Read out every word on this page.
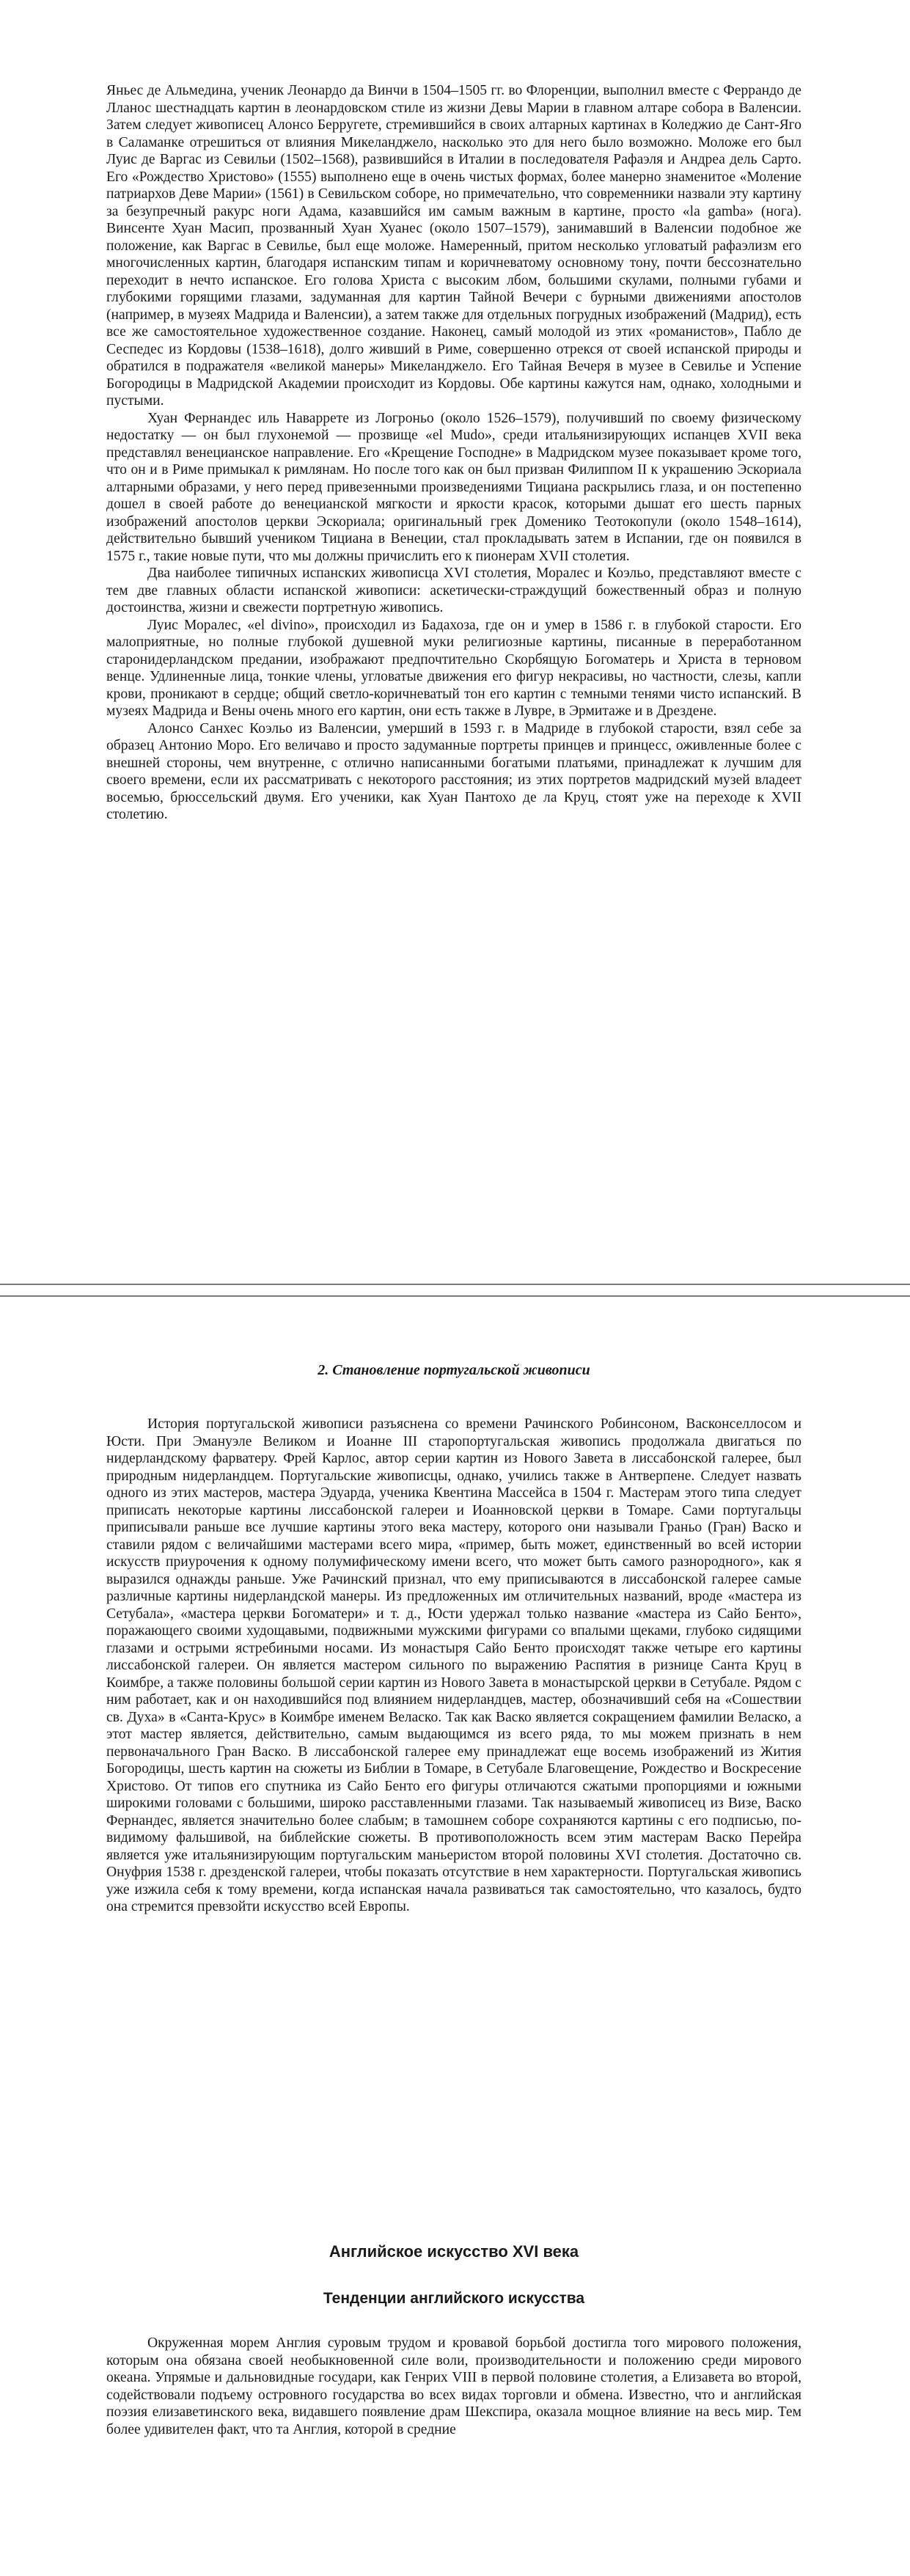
Яньес де Альмедина, ученик Леонардо да Винчи в 1504–1505 гг. во Флоренции, выполнил вместе с Феррандо де Лланос шестнадцать картин в леонардовском стиле из жизни Девы Марии в главном алтаре собора в Валенсии. Затем следует живописец Алонсо Берругете, стремившийся в своих алтарных картинах в Коледжио де Сант-Яго в Саламанке отрешиться от влияния Микеланджело, насколько это для него было возможно. Моложе его был Луис де Варгас из Севильи (1502–1568), развившийся в Италии в последователя Рафаэля и Андреа дель Сарто. Его «Рождество Христово» (1555) выполнено еще в очень чистых формах, более манерно знаменитое «Моление патриархов Деве Марии» (1561) в Севильском соборе, но примечательно, что современники назвали эту картину за безупречный ракурс ноги Адама, казавшийся им самым важным в картине, просто «la gamba» (нога). Винсенте Хуан Масип, прозванный Хуан Хуанес (около 1507–1579), занимавший в Валенсии подобное же положение, как Варгас в Севилье, был еще моложе. Намеренный, притом несколько угловатый рафаэлизм его многочисленных картин, благодаря испанским типам и коричневатому основному тону, почти бессознательно переходит в нечто испанское. Его голова Христа с высоким лбом, большими скулами, полными губами и глубокими горящими глазами, задуманная для картин Тайной Вечери с бурными движениями апостолов (например, в музеях Мадрида и Валенсии), а затем также для отдельных погрудных изображений (Мадрид), есть все же самостоятельное художественное создание. Наконец, самый молодой из этих «романистов», Пабло де Сеспедес из Кордовы (1538–1618), долго живший в Риме, совершенно отрекся от своей испанской природы и обратился в подражателя «великой манеры» Микеланджело. Его Тайная Вечеря в музее в Севилье и Успение Богородицы в Мадридской Академии происходит из Кордовы. Обе картины кажутся нам, однако, холодными и пустыми.

Хуан Фернандес иль Наваррете из Логроньо (около 1526–1579), получивший по своему физическому недостатку — он был глухонемой — прозвище «el Mudo», среди итальянизирующих испанцев XVII века представлял венецианское направление. Его «Крещение Господне» в Мадридском музее показывает кроме того, что он и в Риме примыкал к римлянам. Но после того как он был призван Филиппом II к украшению Эскориала алтарными образами, у него перед привезенными произведениями Тициана раскрылись глаза, и он постепенно дошел в своей работе до венецианской мягкости и яркости красок, которыми дышат его шесть парных изображений апостолов церкви Эскориала; оригинальный грек Доменико Теотокопули (около 1548–1614), действительно бывший учеником Тициана в Венеции, стал прокладывать затем в Испании, где он появился в 1575 г., такие новые пути, что мы должны причислить его к пионерам XVII столетия.

Два наиболее типичных испанских живописца XVI столетия, Моралес и Коэльо, представляют вместе с тем две главных области испанской живописи: аскетически-страждущий божественный образ и полную достоинства, жизни и свежести портретную живопись.

Луис Моралес, «el divino», происходил из Бадахоза, где он и умер в 1586 г. в глубокой старости. Его малоприятные, но полные глубокой душевной муки религиозные картины, писанные в переработанном старонидерландском предании, изображают предпочтительно Скорбящую Богоматерь и Христа в терновом венце. Удлиненные лица, тонкие члены, угловатые движения его фигур некрасивы, но частности, слезы, капли крови, проникают в сердце; общий светло-коричневатый тон его картин с темными тенями чисто испанский. В музеях Мадрида и Вены очень много его картин, они есть также в Лувре, в Эрмитаже и в Дрездене.

Алонсо Санхес Коэльо из Валенсии, умерший в 1593 г. в Мадриде в глубокой старости, взял себе за образец Антонио Моро. Его величаво и просто задуманные портреты принцев и принцесс, оживленные более с внешней стороны, чем внутренне, с отлично написанными богатыми платьями, принадлежат к лучшим для своего времени, если их рассматривать с некоторого расстояния; из этих портретов мадридский музей владеет восемью, брюссельский двумя. Его ученики, как Хуан Пантохо де ла Круц, стоят уже на переходе к XVII столетию.

2. Становление португальской живописи

История португальской живописи разъяснена со времени Рачинского Робинсоном, Васконселлосом и Юсти. При Эмануэле Великом и Иоанне III старопортугальская живопись продолжала двигаться по нидерландскому фарватеру. Фрей Карлос, автор серии картин из Нового Завета в лиссабонской галерее, был природным нидерландцем. Португальские живописцы, однако, учились также в Антверпене. Следует назвать одного из этих мастеров, мастера Эдуарда, ученика Квентина Массейса в 1504 г. Мастерам этого типа следует приписать некоторые картины лиссабонской галереи и Иоанновской церкви в Томаре. Сами португальцы приписывали раньше все лучшие картины этого века мастеру, которого они называли Граньо (Гран) Васко и ставили рядом с величайшими мастерами всего мира, «пример, быть может, единственный во всей истории искусств приурочения к одному полумифическому имени всего, что может быть самого разнородного», как я выразился однажды раньше. Уже Рачинский признал, что ему приписываются в лиссабонской галерее самые различные картины нидерландской манеры. Из предложенных им отличительных названий, вроде «мастера из Сетубала», «мастера церкви Богоматери» и т. д., Юсти удержал только название «мастера из Сайо Бенто», поражающего своими худощавыми, подвижными мужскими фигурами со впалыми щеками, глубоко сидящими глазами и острыми ястребиными носами. Из монастыря Сайо Бенто происходят также четыре его картины лиссабонской галереи. Он является мастером сильного по выражению Распятия в ризнице Санта Круц в Коимбре, а также половины большой серии картин из Нового Завета в монастырской церкви в Сетубале. Рядом с ним работает, как и он находившийся под влиянием нидерландцев, мастер, обозначивший себя на «Сошествии св. Духа» в «Санта-Крус» в Коимбре именем Веласко. Так как Васко является сокращением фамилии Веласко, а этот мастер является, действительно, самым выдающимся из всего ряда, то мы можем признать в нем первоначального Гран Васко. В лиссабонской галерее ему принадлежат еще восемь изображений из Жития Богородицы, шесть картин на сюжеты из Библии в Томаре, в Сетубале Благовещение, Рождество и Воскресение Христово. От типов его спутника из Сайо Бенто его фигуры отличаются сжатыми пропорциями и южными широкими головами с большими, широко расставленными глазами. Так называемый живописец из Визе, Васко Фернандес, является значительно более слабым; в тамошнем соборе сохраняются картины с его подписью, по-видимому фальшивой, на библейские сюжеты. В противоположность всем этим мастерам Васко Перейра является уже итальянизирующим португальским маньеристом второй половины XVI столетия. Достаточно св. Онуфрия 1538 г. дрезденской галереи, чтобы показать отсутствие в нем характерности. Португальская живопись уже изжила себя к тому времени, когда испанская начала развиваться так самостоятельно, что казалось, будто она стремится превзойти искусство всей Европы.

Английское искусство XVI века
Тенденции английского искусства

Окруженная морем Англия суровым трудом и кровавой борьбой достигла того мирового положения, которым она обязана своей необыкновенной силе воли, производительности и положению среди мирового океана. Упрямые и дальновидные государи, как Генрих VIII в первой половине столетия, а Елизавета во второй, содействовали подъему островного государства во всех видах торговли и обмена. Известно, что и английская поэзия елизаветинского века, видавшего появление драм Шекспира, оказала мощное влияние на весь мир. Тем более удивителен факт, что та Англия, которой в средние
